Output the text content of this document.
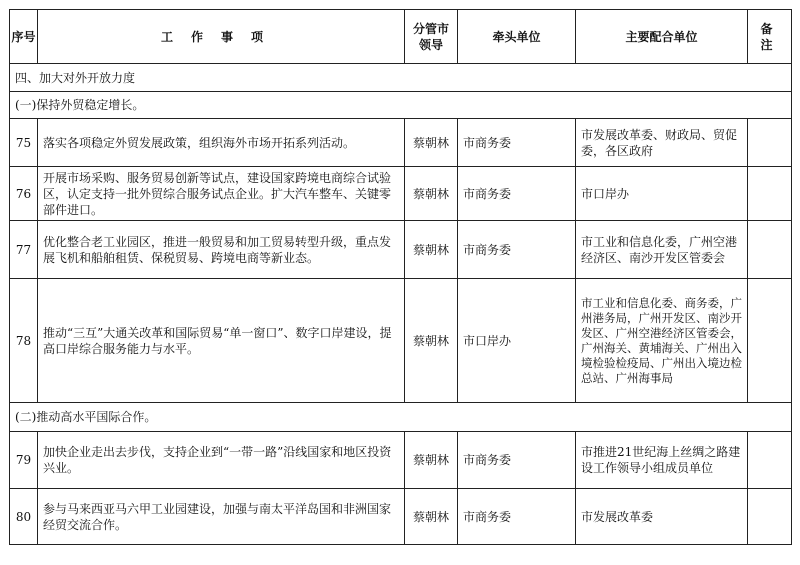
序号	工作事项	分管市领导	牵头单位	主要配合单位	备注
四、加大对外开放力度					
(一)保持外贸稳定增长。					
75	落实各项稳定外贸发展政策，组织海外市场开拓系列活动。	蔡朝林	市商务委	市发展改革委、财政局、贸促委，各区政府	
76	开展市场采购、服务贸易创新等试点，建设国家跨境电商综合试验区，认定支持一批外贸综合服务试点企业。扩大汽车整车、关键零部件进口。	蔡朝林	市商务委	市口岸办	
77	优化整合老工业园区，推进一般贸易和加工贸易转型升级，重点发展飞机和船舶租赁、保税贸易、跨境电商等新业态。	蔡朝林	市商务委	市工业和信息化委，广州空港经济区、南沙开发区管委会	
78	推动“三互”大通关改革和国际贸易“单一窗口”、数字口岸建设，提高口岸综合服务能力与水平。	蔡朝林	市口岸办	市工业和信息化委、商务委，广州港务局，广州开发区、南沙开发区、广州空港经济区管委会，广州海关、黄埔海关、广州出入境检验检疫局、广州出入境边检总站、广州海事局	
(二)推动高水平国际合作。					
79	加快企业走出去步伐，支持企业到“一带一路”沿线国家和地区投资兴业。	蔡朝林	市商务委	市推进21世纪海上丝绸之路建设工作领导小组成员单位	
80	参与马来西亚马六甲工业园建设，加强与南太平洋岛国和非洲国家经贸交流合作。	蔡朝林	市商务委	市发展改革委	
